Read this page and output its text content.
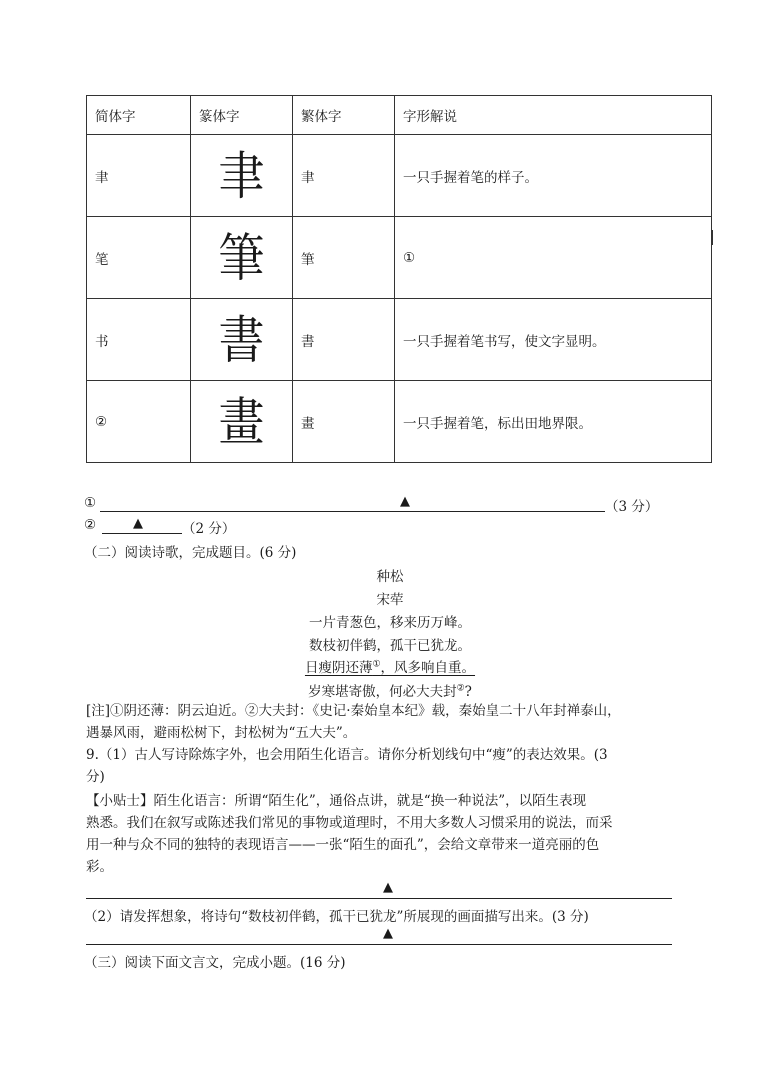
简体字	篆体字	繁体字	字形解说
聿	聿	聿	一只手握着笔的样子。
笔	筆	筆	①
书	書	書	一只手握着笔书写，使文字显明。
②	畫	畫	一只手握着笔，标出田地界限。
①	▲	（3 分）
②	▲	（2 分）
（二）阅读诗歌，完成题目。(6 分)
种松
宋荦
一片青葱色，移来历万峰。
数枝初伴鹤，孤干已犹龙。
日瘦阴还薄①，风多响自重。
岁寒堪寄傲，何必大夫封②?
[注]①阴还薄：阴云迫近。②大夫封：《史记·秦始皇本纪》载，秦始皇二十八年封禅泰山，
遇暴风雨，避雨松树下，封松树为“五大夫”。
9.（1）古人写诗除炼字外，也会用陌生化语言。请你分析划线句中“瘦”的表达效果。(3
分)
【小贴士】陌生化语言：所谓“陌生化”，通俗点讲，就是“换一种说法”，以陌生表现
熟悉。我们在叙写或陈述我们常见的事物或道理时，不用大多数人习惯采用的说法，而采
用一种与众不同的独特的表现语言——一张“陌生的面孔”，会给文章带来一道亮丽的色
彩。
▲
（2）请发挥想象，将诗句“数枝初伴鹤，孤干已犹龙”所展现的画面描写出来。(3 分)
▲
（三）阅读下面文言文，完成小题。(16 分)
